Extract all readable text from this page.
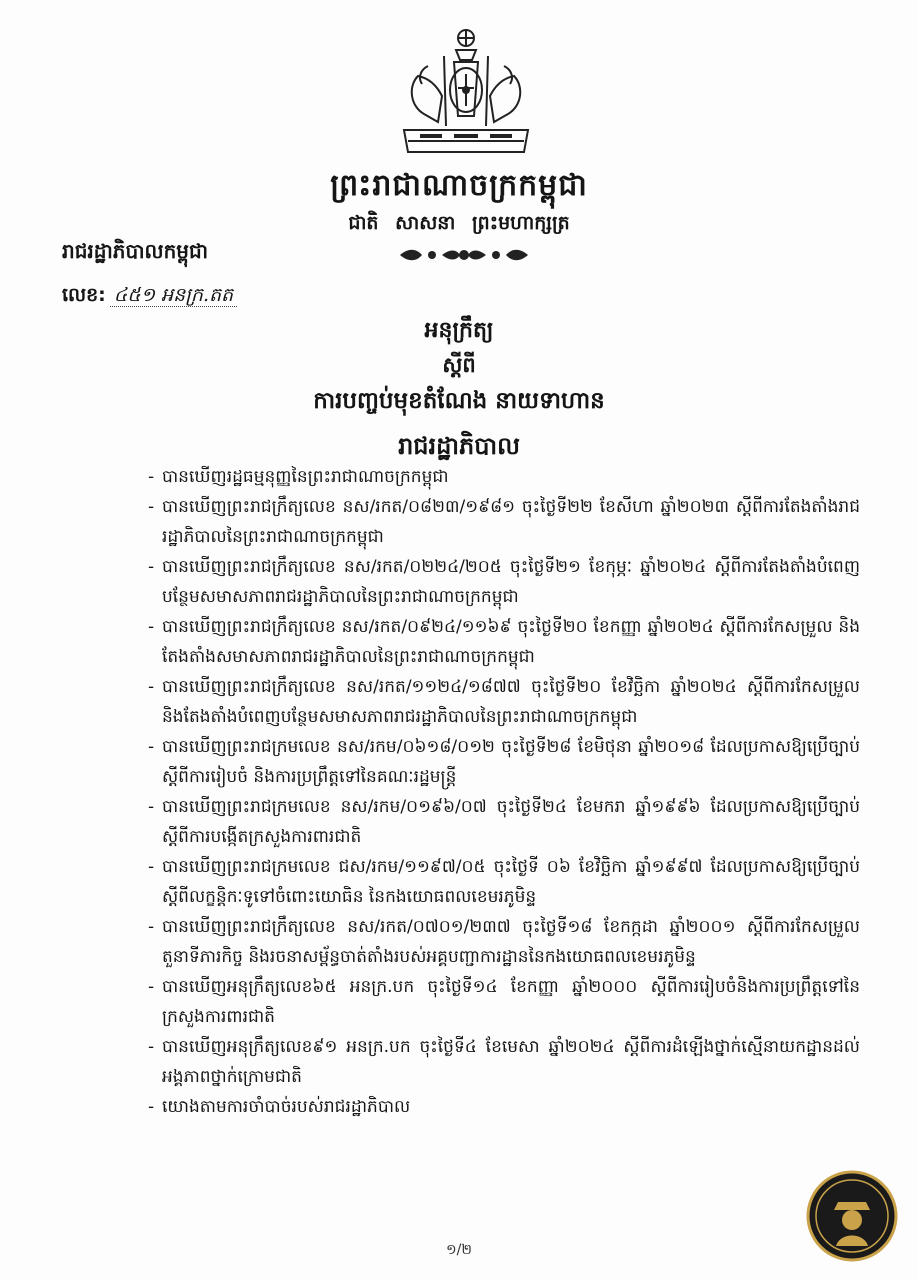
ព្រះរាជាណាចក្រកម្ពុជា
ជាតិ សាសនា ព្រះមហាក្សត្រ
រាជរដ្ឋាភិបាលកម្ពុជា
លេខ: ៤៥១ អនក្រ.តត
អនុក្រឹត្យ
ស្តីពី
ការបញ្ចប់មុខតំណែង នាយទាហាន
រាជរដ្ឋាភិបាល
- បានឃើញរដ្ឋធម្មនុញ្ញនៃព្រះរាជាណាចក្រកម្ពុជា
- បានឃើញព្រះរាជក្រឹត្យលេខ នស/រកត/០៨២៣/១៩៨១ ចុះថ្ងៃទី២២ ខែសីហា ឆ្នាំ២០២៣ ស្តីពីការតែងតាំងរាជរដ្ឋាភិបាលនៃព្រះរាជាណាចក្រកម្ពុជា
- បានឃើញព្រះរាជក្រឹត្យលេខ នស/រកត/០២២៤/២០៥ ចុះថ្ងៃទី២១ ខែកុម្ភៈ ឆ្នាំ២០២៤ ស្តីពីការតែងតាំងបំពេញបន្ថែមសមាសភាពរាជរដ្ឋាភិបាលនៃព្រះរាជាណាចក្រកម្ពុជា
- បានឃើញព្រះរាជក្រឹត្យលេខ នស/រកត/០៩២៤/១១៦៩ ចុះថ្ងៃទី២០ ខែកញ្ញា ឆ្នាំ២០២៤ ស្តីពីការកែសម្រួល និងតែងតាំងសមាសភាពរាជរដ្ឋាភិបាលនៃព្រះរាជាណាចក្រកម្ពុជា
- បានឃើញព្រះរាជក្រឹត្យលេខ នស/រកត/១១២៤/១៨៧៧ ចុះថ្ងៃទី២០ ខែវិច្ឆិកា ឆ្នាំ២០២៤ ស្តីពីការកែសម្រួល និងតែងតាំងបំពេញបន្ថែមសមាសភាពរាជរដ្ឋាភិបាលនៃព្រះរាជាណាចក្រកម្ពុជា
- បានឃើញព្រះរាជក្រមលេខ នស/រកម/០៦១៨/០១២ ចុះថ្ងៃទី២៨ ខែមិថុនា ឆ្នាំ២០១៨ ដែលប្រកាសឱ្យប្រើច្បាប់ស្តីពីការរៀបចំ និងការប្រព្រឹត្តទៅនៃគណៈរដ្ឋមន្ត្រី
- បានឃើញព្រះរាជក្រមលេខ នស/រកម/០១៩៦/០៧ ចុះថ្ងៃទី២៤ ខែមករា ឆ្នាំ១៩៩៦ ដែលប្រកាសឱ្យប្រើច្បាប់ស្តីពីការបង្កើតក្រសួងការពារជាតិ
- បានឃើញព្រះរាជក្រមលេខ ជស/រកម/១១៩៧/០៥ ចុះថ្ងៃទី ០៦ ខែវិច្ឆិកា ឆ្នាំ១៩៩៧ ដែលប្រកាសឱ្យប្រើច្បាប់ស្តីពីលក្ខន្តិកៈទូទៅចំពោះយោធិន នៃកងយោធពលខេមរភូមិន្ទ
- បានឃើញព្រះរាជក្រឹត្យលេខ នស/រកត/០៧០១/២៣៧ ចុះថ្ងៃទី១៨ ខែកក្កដា ឆ្នាំ២០០១ ស្តីពីការកែសម្រួលតួនាទីភារកិច្ច និងរចនាសម្ព័ន្ធចាត់តាំងរបស់អគ្គបញ្ជាការដ្ឋាននៃកងយោធពលខេមរភូមិន្ទ
- បានឃើញអនុក្រឹត្យលេខ៦៥ អនក្រ.បក ចុះថ្ងៃទី១៤ ខែកញ្ញា ឆ្នាំ២០០០ ស្តីពីការរៀបចំនិងការប្រព្រឹត្តទៅនៃក្រសួងការពារជាតិ
- បានឃើញអនុក្រឹត្យលេខ៩១ អនក្រ.បក ចុះថ្ងៃទី៤ ខែមេសា ឆ្នាំ២០២៤ ស្តីពីការដំឡើងថ្នាក់ស្មើនាយកដ្ឋានដល់អង្គភាពថ្នាក់ក្រោមជាតិ
- យោងតាមការចាំបាច់របស់រាជរដ្ឋាភិបាល
១/២
